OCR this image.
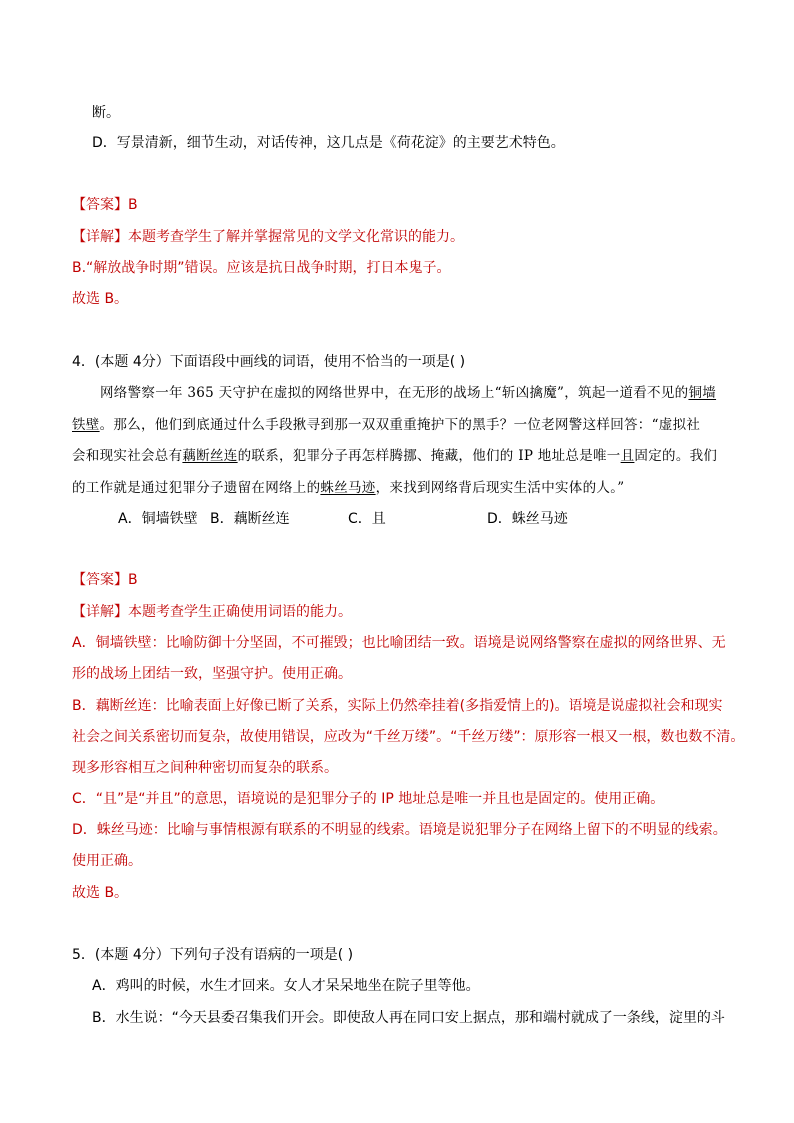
断。
D．写景清新，细节生动，对话传神，这几点是《荷花淀》的主要艺术特色。
【答案】B
【详解】本题考查学生了解并掌握常见的文学文化常识的能力。
B.“解放战争时期”错误。应该是抗日战争时期，打日本鬼子。
故选 B。
4．(本题 4分）下面语段中画线的词语，使用不恰当的一项是( )
网络警察一年 365 天守护在虚拟的网络世界中，在无形的战场上“斩凶擒魔”，筑起一道看不见的铜墙
铁壁。那么，他们到底通过什么手段揪寻到那一双双重重掩护下的黑手？一位老网警这样回答：“虚拟社
会和现实社会总有藕断丝连的联系，犯罪分子再怎样腾挪、掩藏，他们的 IP 地址总是唯一且固定的。我们
的工作就是通过犯罪分子遗留在网络上的蛛丝马迹，来找到网络背后现实生活中实体的人。”
A．铜墙铁壁 B．藕断丝连	C．且	D．蛛丝马迹
【答案】B
【详解】本题考查学生正确使用词语的能力。
A．铜墙铁壁：比喻防御十分坚固，不可摧毁；也比喻团结一致。语境是说网络警察在虚拟的网络世界、无
形的战场上团结一致，坚强守护。使用正确。
B．藕断丝连：比喻表面上好像已断了关系，实际上仍然牵挂着(多指爱情上的)。语境是说虚拟社会和现实
社会之间关系密切而复杂，故使用错误，应改为“千丝万缕”。“千丝万缕”：原形容一根又一根，数也数不清。
现多形容相互之间种种密切而复杂的联系。
C．“且”是“并且”的意思，语境说的是犯罪分子的 IP 地址总是唯一并且也是固定的。使用正确。
D．蛛丝马迹：比喻与事情根源有联系的不明显的线索。语境是说犯罪分子在网络上留下的不明显的线索。
使用正确。
故选 B。
5．(本题 4分）下列句子没有语病的一项是( )
A．鸡叫的时候，水生才回来。女人才呆呆地坐在院子里等他。
B．水生说：“今天县委召集我们开会。即使敌人再在同口安上据点，那和端村就成了一条线，淀里的斗
